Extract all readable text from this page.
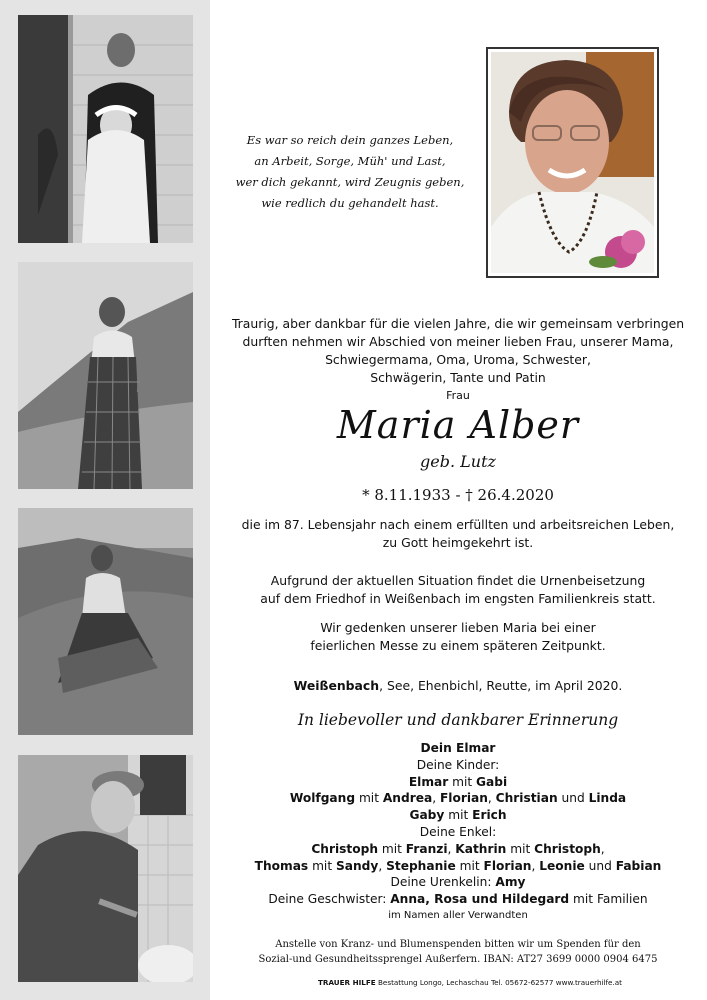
Es war so reich dein ganzes Leben,
an Arbeit, Sorge, Müh' und Last,
wer dich gekannt, wird Zeugnis geben,
wie redlich du gehandelt hast.
Traurig, aber dankbar für die vielen Jahre, die wir gemeinsam verbringen
durften nehmen wir Abschied von meiner lieben Frau, unserer Mama,
Schwiegermama, Oma, Uroma, Schwester,
Schwägerin, Tante und Patin
Frau
Maria Alber
geb. Lutz
* 8.11.1933 - † 26.4.2020
die im 87. Lebensjahr nach einem erfüllten und arbeitsreichen Leben,
zu Gott heimgekehrt ist.
Aufgrund der aktuellen Situation findet die Urnenbeisetzung
auf dem Friedhof in Weißenbach im engsten Familienkreis statt.
Wir gedenken unserer lieben Maria bei einer
feierlichen Messe zu einem späteren Zeitpunkt.
Weißenbach, See, Ehenbichl, Reutte, im April 2020.
In liebevoller und dankbarer Erinnerung
Dein Elmar
Deine Kinder:
Elmar mit Gabi
Wolfgang mit Andrea, Florian, Christian und Linda
Gaby mit Erich
Deine Enkel:
Christoph mit Franzi, Kathrin mit Christoph,
Thomas mit Sandy, Stephanie mit Florian, Leonie und Fabian
Deine Urenkelin: Amy
Deine Geschwister: Anna, Rosa und Hildegard mit Familien
im Namen aller Verwandten
Anstelle von Kranz- und Blumenspenden bitten wir um Spenden für den
Sozial-und Gesundheitssprengel Außerfern. IBAN: AT27 3699 0000 0904 6475
TRAUER HILFE Bestattung Longo, Lechaschau Tel. 05672-62577 www.trauerhilfe.at
